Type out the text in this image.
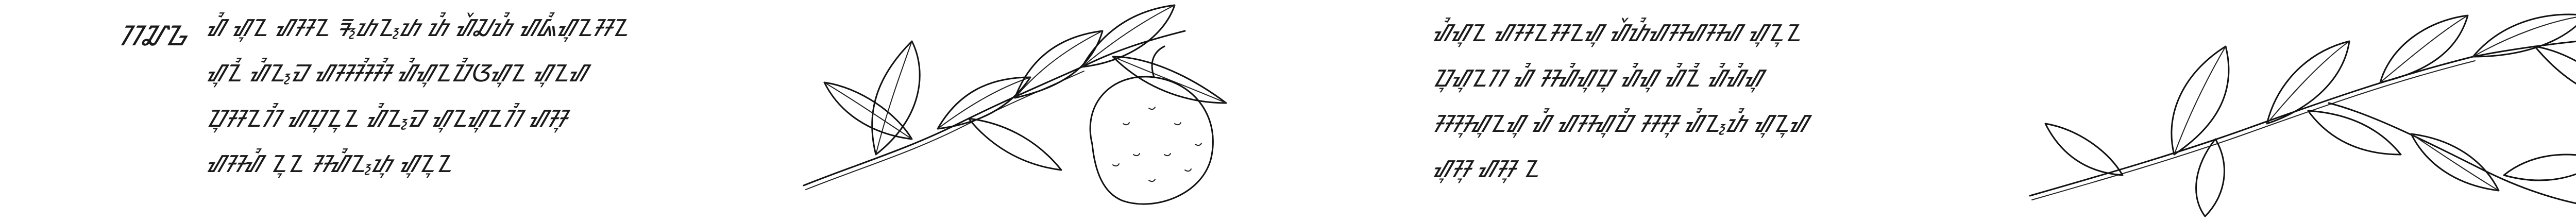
ᮊ᮸ᮌ ᮠᮤ ᮠᮥᮔ ᮠᮞᮔ ᮛ᮪ᮒᮔ᮪ᮒ ᮒᮤ ᮠᮨᮎᮒᮤ ᮠᮏᮤᮠᮥᮔᮞᮔ
ᮠᮥᮔᮤ ᮠᮤᮔ᮪ᮙ ᮠᮞᮞᮤᮞᮤ ᮠᮤᮠᮥᮔᮕᮤᮃᮠᮥᮔ ᮠᮥᮔᮠ
ᮕᮥᮞᮔᮊᮤ ᮠᮕᮥᮔᮥᮔ ᮠᮤᮔ᮪ᮙ ᮠᮥᮔᮠᮥᮔᮊᮤ ᮠᮞᮥ
ᮠᮞᮠᮤ ᮔᮥᮔ ᮞᮠᮤᮔ᮪ᮒᮥ ᮠᮥᮔᮥᮔ
ᮠᮤᮠᮥᮔ ᮠᮞᮔᮞᮔᮠᮥ ᮠᮨᮒᮤᮠᮞᮠᮞᮠ ᮠᮥᮔᮥᮔ
ᮕᮥᮠᮥᮔᮊ ᮠᮤ ᮞᮠᮤᮠᮥᮕᮥ ᮠᮤᮠᮥ ᮠᮤᮔᮤ ᮠᮤᮠᮤᮠᮥ
ᮞᮞᮥᮠᮥᮔᮠᮥ ᮠᮤ ᮠᮞᮠᮥᮕᮤ ᮞᮞᮥ ᮠᮤᮔ᮪ᮒᮤ ᮠᮥᮔᮥᮠ
ᮠᮥᮞᮥ ᮠᮞᮥ ᮔ
